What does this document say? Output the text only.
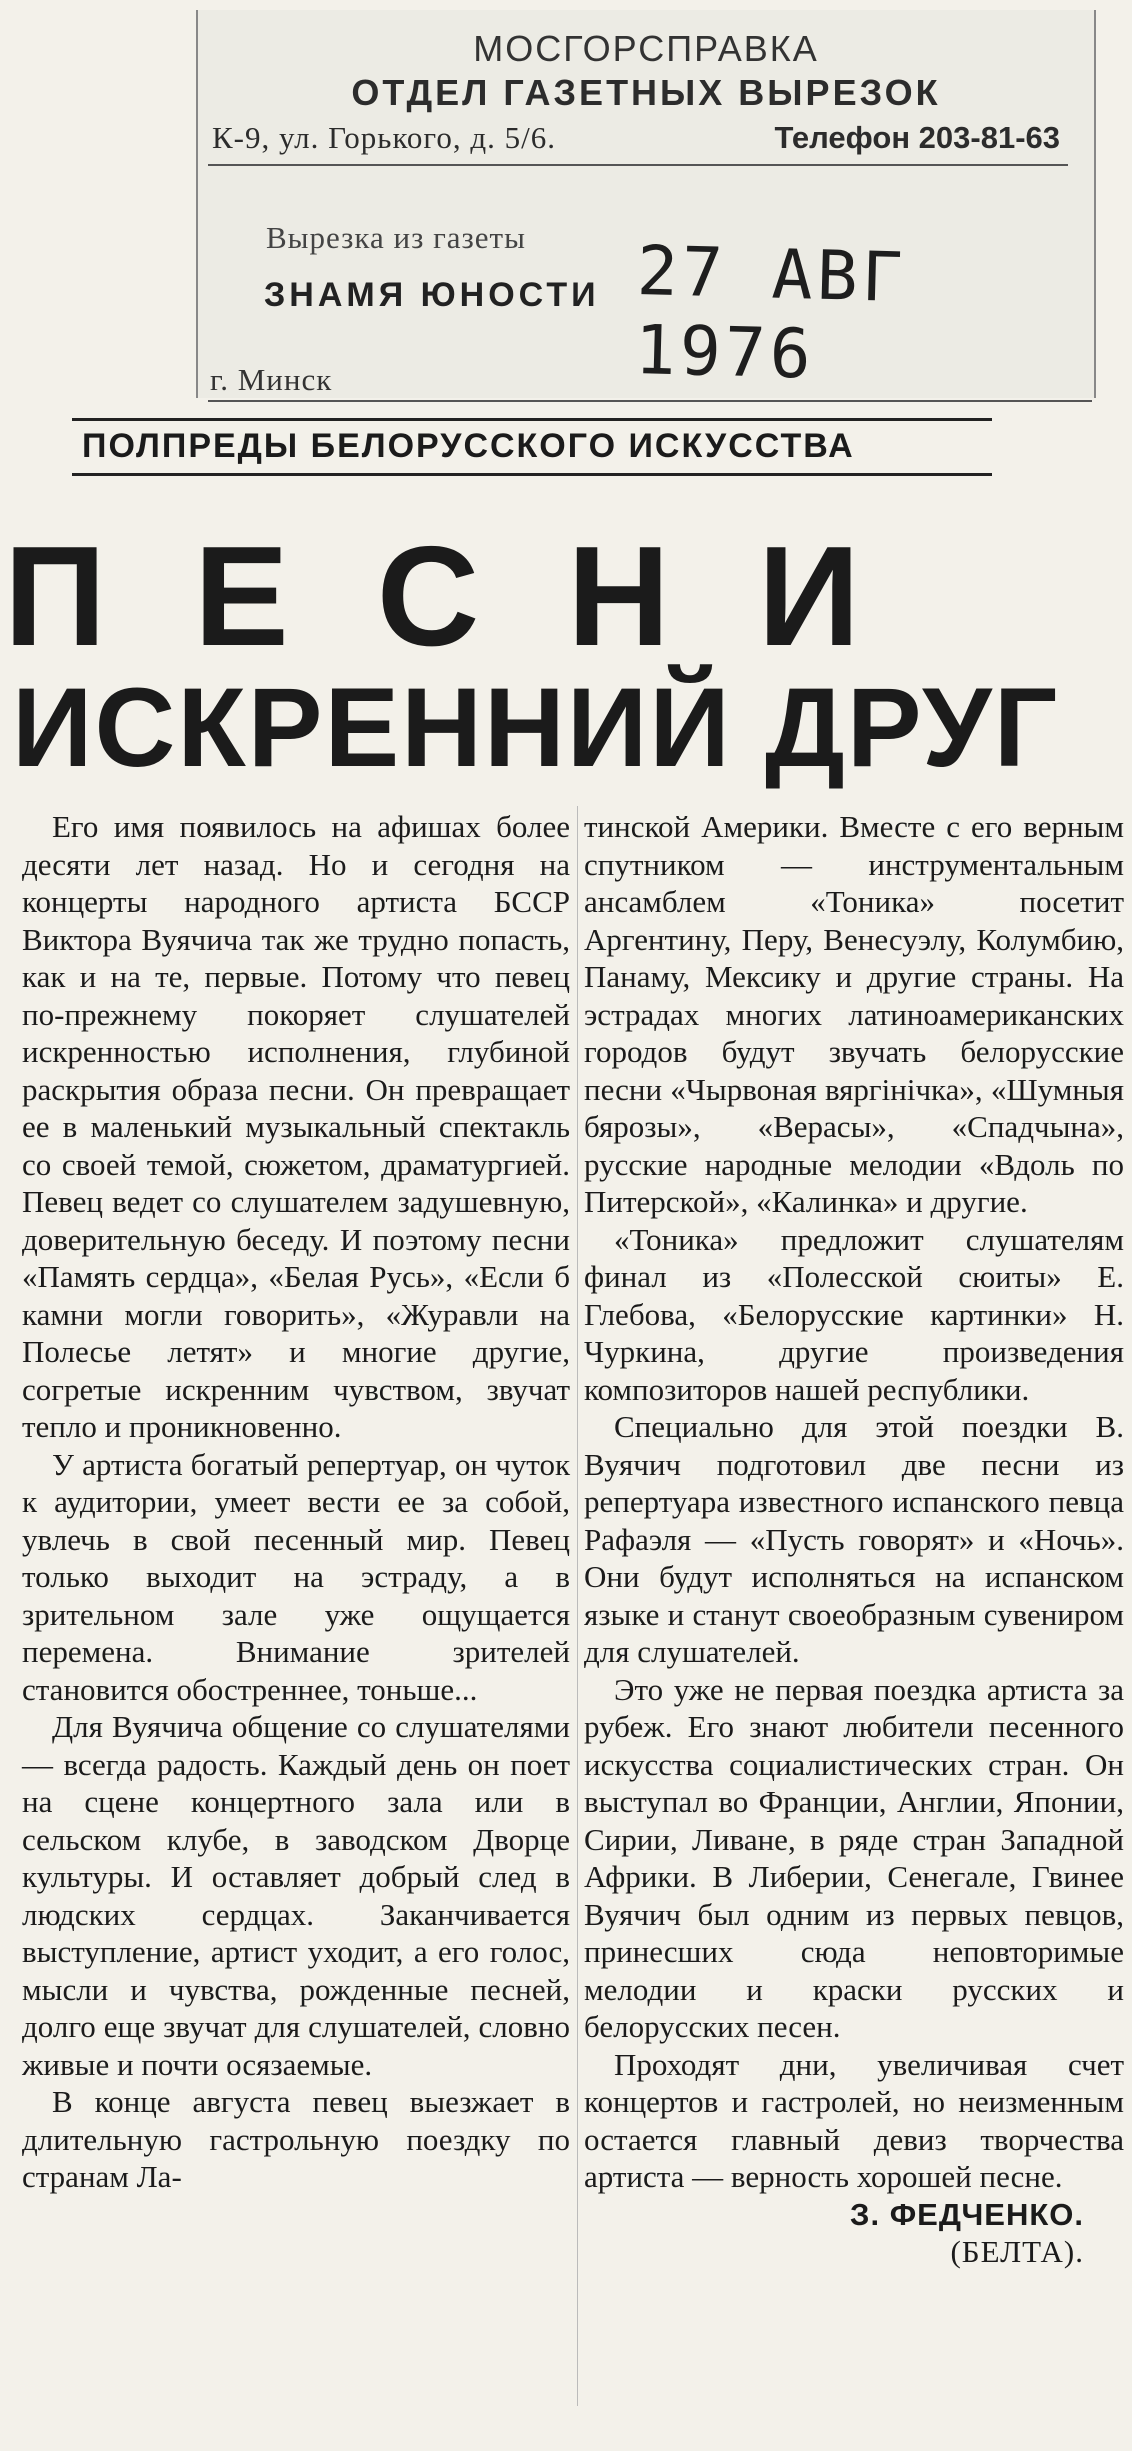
МОСГОРСПРАВКА
ОТДЕЛ ГАЗЕТНЫХ ВЫРЕЗОК
К-9, ул. Горького, д. 5/6.	Телефон 203-81-63
Вырезка из газеты
ЗНАМЯ ЮНОСТИ 27 АВГ 1976
г. Минск
ПОЛПРЕДЫ БЕЛОРУССКОГО ИСКУССТВА
ПЕСНИ
ИСКРЕННИЙ ДРУГ

Его имя появилось на афишах более десяти лет назад. Но и сегодня на концерты народного артиста БССР Виктора Вуячича так же трудно попасть, как и на те, первые. Потому что певец по-прежнему покоряет слушателей искренностью исполнения, глубиной раскрытия образа песни. Он превращает ее в маленький музыкальный спектакль со своей темой, сюжетом, драматургией. Певец ведет со слушателем задушевную, доверительную беседу. И поэтому песни «Память сердца», «Белая Русь», «Если б камни могли говорить», «Журавли на Полесье летят» и многие другие, согретые искренним чувством, звучат тепло и проникновенно.

У артиста богатый репертуар, он чуток к аудитории, умеет вести ее за собой, увлечь в свой песенный мир. Певец только выходит на эстраду, а в зрительном зале уже ощущается перемена. Внимание зрителей становится обостреннее, тоньше...

Для Вуячича общение со слушателями — всегда радость. Каждый день он поет на сцене концертного зала или в сельском клубе, в заводском Дворце культуры. И оставляет добрый след в людских сердцах. Заканчивается выступление, артист уходит, а его голос, мысли и чувства, рожденные песней, долго еще звучат для слушателей, словно живые и почти осязаемые.

В конце августа певец выезжает в длительную гастрольную поездку по странам Ла-

тинской Америки. Вместе с его верным спутником — инструментальным ансамблем «Тоника» посетит Аргентину, Перу, Венесуэлу, Колумбию, Панаму, Мексику и другие страны. На эстрадах многих латиноамериканских городов будут звучать белорусские песни «Чырвоная вяргінічка», «Шумныя бярозы», «Верасы», «Спадчына», русские народные мелодии «Вдоль по Питерской», «Калинка» и другие.

«Тоника» предложит слушателям финал из «Полесской сюиты» Е. Глебова, «Белорусские картинки» Н. Чуркина, другие произведения композиторов нашей республики.

Специально для этой поездки В. Вуячич подготовил две песни из репертуара известного испанского певца Рафаэля — «Пусть говорят» и «Ночь». Они будут исполняться на испанском языке и станут своеобразным сувениром для слушателей.

Это уже не первая поездка артиста за рубеж. Его знают любители песенного искусства социалистических стран. Он выступал во Франции, Англии, Японии, Сирии, Ливане, в ряде стран Западной Африки. В Либерии, Сенегале, Гвинее Вуячич был одним из первых певцов, принесших сюда неповторимые мелодии и краски русских и белорусских песен.

Проходят дни, увеличивая счет концертов и гастролей, но неизменным остается главный девиз творчества артиста — верность хорошей песне.

З. ФЕДЧЕНКО.

(БЕЛТА).
